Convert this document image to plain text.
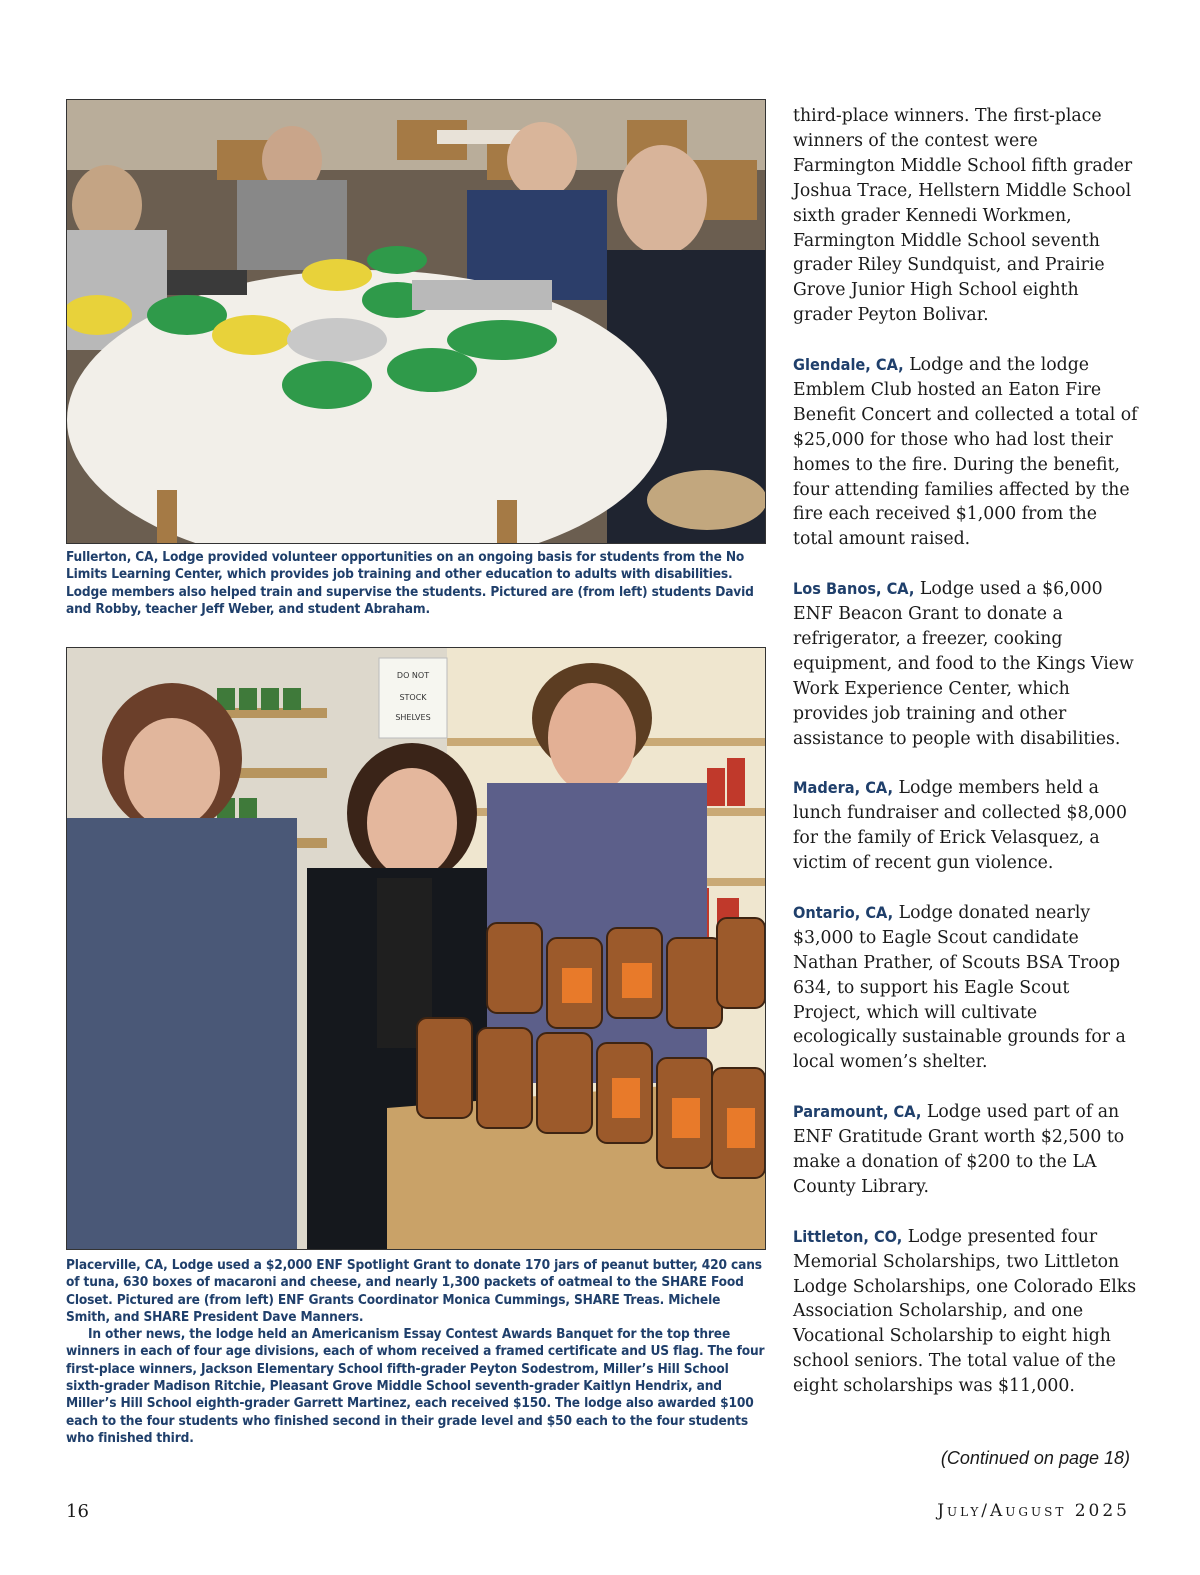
Fullerton, CA, Lodge provided volunteer opportunities on an ongoing basis for students from the No Limits Learning Center, which provides job training and other education to adults with disabilities. Lodge members also helped train and supervise the students. Pictured are (from left) students David and Robby, teacher Jeff Weber, and student Abraham.

DO NOT
STOCK
SHELVES

Placerville, CA, Lodge used a $2,000 ENF Spotlight Grant to donate 170 jars of peanut butter, 420 cans of tuna, 630 boxes of macaroni and cheese, and nearly 1,300 packets of oatmeal to the SHARE Food Closet. Pictured are (from left) ENF Grants Coordinator Monica Cummings, SHARE Treas. Michele Smith, and SHARE President Dave Manners.

In other news, the lodge held an Americanism Essay Contest Awards Banquet for the top three winners in each of four age divisions, each of whom received a framed certificate and US flag. The four first-place winners, Jackson Elementary School fifth-grader Peyton Sodestrom, Miller’s Hill School sixth-grader Madison Ritchie, Pleasant Grove Middle School seventh-grader Kaitlyn Hendrix, and Miller’s Hill School eighth-grader Garrett Martinez, each received $150. The lodge also awarded $100 each to the four students who finished second in their grade level and $50 each to the four students who finished third.

third-place winners. The first-place winners of the contest were Farmington Middle School fifth grader Joshua Trace, Hellstern Middle School sixth grader Kennedi Workmen, Farmington Middle School seventh grader Riley Sundquist, and Prairie Grove Junior High School eighth grader Peyton Bolivar.

Glendale, CA, Lodge and the lodge Emblem Club hosted an Eaton Fire Benefit Concert and collected a total of $25,000 for those who had lost their homes to the fire. During the benefit, four attending families affected by the fire each received $1,000 from the total amount raised.

Los Banos, CA, Lodge used a $6,000 ENF Beacon Grant to donate a refrigerator, a freezer, cooking equipment, and food to the Kings View Work Experience Center, which provides job training and other assistance to people with disabilities.

Madera, CA, Lodge members held a lunch fundraiser and collected $8,000 for the family of Erick Velasquez, a victim of recent gun violence.

Ontario, CA, Lodge donated nearly $3,000 to Eagle Scout candidate Nathan Prather, of Scouts BSA Troop 634, to support his Eagle Scout Project, which will cultivate ecologically sustainable grounds for a local women’s shelter.

Paramount, CA, Lodge used part of an ENF Gratitude Grant worth $2,500 to make a donation of $200 to the LA County Library.

Littleton, CO, Lodge presented four Memorial Scholarships, two Littleton Lodge Scholarships, one Colorado Elks Association Scholarship, and one Vocational Scholarship to eight high school seniors. The total value of the eight scholarships was $11,000.

(Continued on page 18)
16	July/August 2025
